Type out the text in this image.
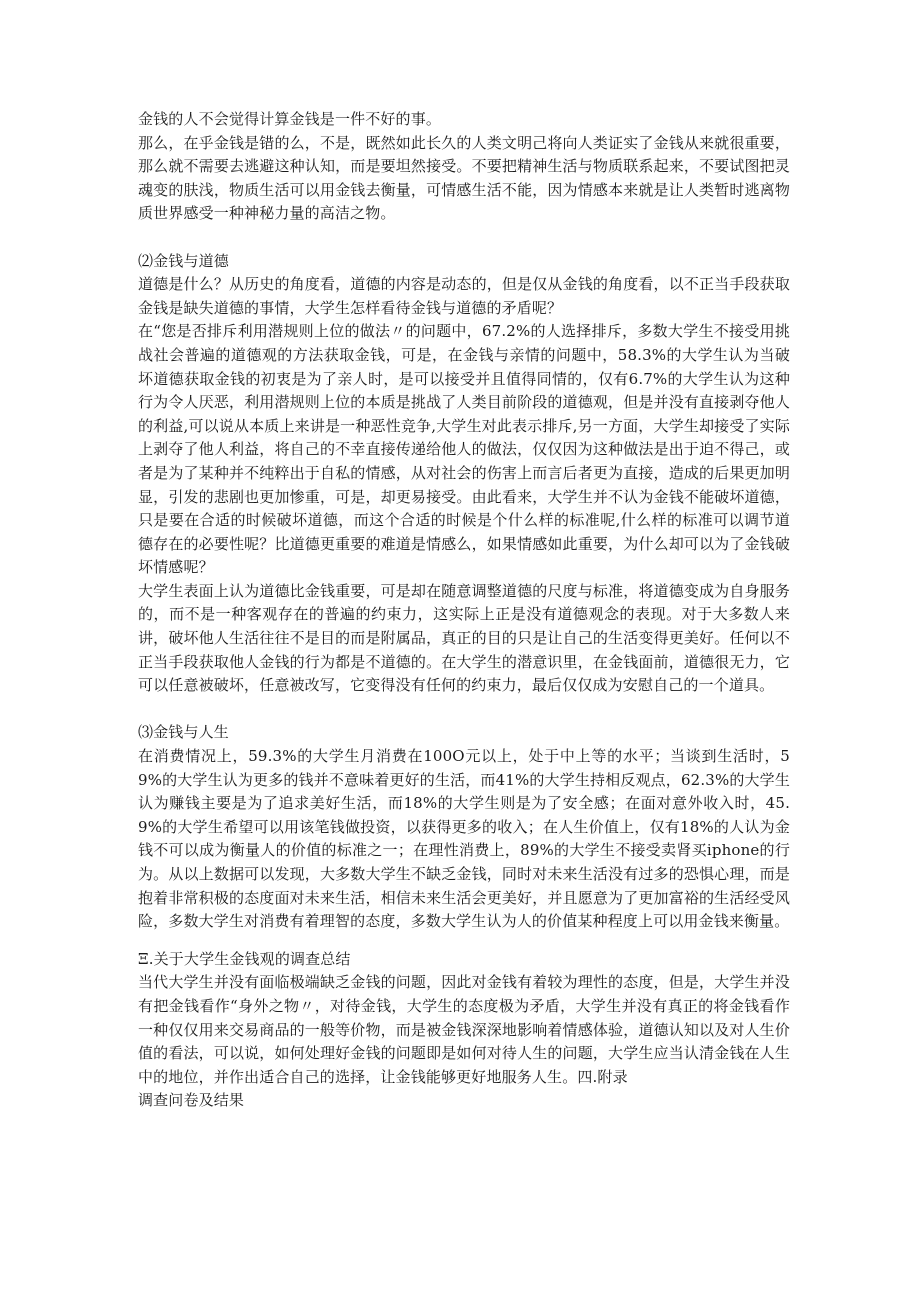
金钱的人不会觉得计算金钱是一件不好的事。

那么，在乎金钱是错的么，不是，既然如此长久的人类文明己将向人类证实了金钱从来就很重要，那么就不需要去逃避这种认知，而是要坦然接受。不要把精神生活与物质联系起来，不要试图把灵魂变的肤浅，物质生活可以用金钱去衡量，可情感生活不能，因为情感本来就是让人类暂时逃离物质世界感受一种神秘力量的高洁之物。

⑵金钱与道德

道德是什么？从历史的角度看，道德的内容是动态的，但是仅从金钱的角度看，以不正当手段获取金钱是缺失道德的事情，大学生怎样看待金钱与道德的矛盾呢？

在“您是否排斥利用潜规则上位的做法〃的问题中，67.2%的人选择排斥，多数大学生不接受用挑战社会普遍的道德观的方法获取金钱，可是，在金钱与亲情的问题中，58.3%的大学生认为当破坏道德获取金钱的初衷是为了亲人时，是可以接受并且值得同情的，仅有6.7%的大学生认为这种行为令人厌恶，利用潜规则上位的本质是挑战了人类目前阶段的道德观，但是并没有直接剥夺他人的利益,可以说从本质上来讲是一种恶性竞争,大学生对此表示排斥,另一方面，大学生却接受了实际上剥夺了他人利益，将自己的不幸直接传递给他人的做法，仅仅因为这种做法是出于迫不得己，或者是为了某种并不纯粹出于自私的情感，从对社会的伤害上而言后者更为直接，造成的后果更加明显，引发的悲剧也更加惨重，可是，却更易接受。由此看来，大学生并不认为金钱不能破坏道德，只是要在合适的时候破坏道德，而这个合适的时候是个什么样的标准呢,什么样的标准可以调节道德存在的必要性呢？比道德更重要的难道是情感么，如果情感如此重要，为什么却可以为了金钱破坏情感呢？

大学生表面上认为道德比金钱重要，可是却在随意调整道德的尺度与标准，将道德变成为自身服务的，而不是一种客观存在的普遍的约束力，这实际上正是没有道德观念的表现。对于大多数人来讲，破坏他人生活往往不是目的而是附属品，真正的目的只是让自己的生活变得更美好。任何以不正当手段获取他人金钱的行为都是不道德的。在大学生的潜意识里，在金钱面前，道德很无力，它可以任意被破坏，任意被改写，它变得没有任何的约束力，最后仅仅成为安慰自己的一个道具。

⑶金钱与人生

在消费情况上，59.3%的大学生月消费在100O元以上，处于中上等的水平；当谈到生活时，59%的大学生认为更多的钱并不意味着更好的生活，而41%的大学生持相反观点，62.3%的大学生认为赚钱主要是为了追求美好生活，而18%的大学生则是为了安全感；在面对意外收入时，45.9%的大学生希望可以用该笔钱做投资，以获得更多的收入；在人生价值上，仅有18%的人认为金钱不可以成为衡量人的价值的标准之一；在理性消费上，89%的大学生不接受卖肾买iphone的行为。从以上数据可以发现，大多数大学生不缺乏金钱，同时对未来生活没有过多的恐惧心理，而是抱着非常积极的态度面对未来生活，相信未来生活会更美好，并且愿意为了更加富裕的生活经受风险，多数大学生对消费有着理智的态度，多数大学生认为人的价值某种程度上可以用金钱来衡量。

Ξ.关于大学生金钱观的调查总结

当代大学生并没有面临极端缺乏金钱的问题，因此对金钱有着较为理性的态度，但是，大学生并没有把金钱看作“身外之物〃，对待金钱，大学生的态度极为矛盾，大学生并没有真正的将金钱看作一种仅仅用来交易商品的一般等价物，而是被金钱深深地影响着情感体验，道德认知以及对人生价值的看法，可以说，如何处理好金钱的问题即是如何对待人生的问题，大学生应当认清金钱在人生中的地位，并作出适合自己的选择，让金钱能够更好地服务人生。四.附录

调查问卷及结果
